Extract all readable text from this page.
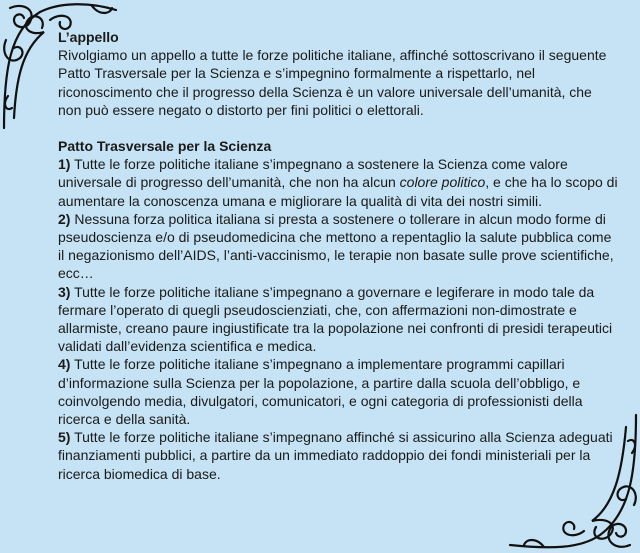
L’appello

Rivolgiamo un appello a tutte le forze politiche italiane, affinché sottoscrivano il seguente Patto Trasversale per la Scienza e s’impegnino formalmente a rispettarlo, nel riconoscimento che il progresso della Scienza è un valore universale dell’umanità, che non può essere negato o distorto per fini politici o elettorali.

Patto Trasversale per la Scienza

1) Tutte le forze politiche italiane s’impegnano a sostenere la Scienza come valore universale di progresso dell’umanità, che non ha alcun colore politico, e che ha lo scopo di aumentare la conoscenza umana e migliorare la qualità di vita dei nostri simili.

2) Nessuna forza politica italiana si presta a sostenere o tollerare in alcun modo forme di pseudoscienza e/o di pseudomedicina che mettono a repentaglio la salute pubblica come il negazionismo dell’AIDS, l’anti-vaccinismo, le terapie non basate sulle prove scientifiche, ecc…

3) Tutte le forze politiche italiane s’impegnano a governare e legiferare in modo tale da fermare l’operato di quegli pseudoscienziati, che, con affermazioni non-dimostrate e allarmiste, creano paure ingiustificate tra la popolazione nei confronti di presidi terapeutici validati dall’evidenza scientifica e medica.

4) Tutte le forze politiche italiane s’impegnano a implementare programmi capillari d’informazione sulla Scienza per la popolazione, a partire dalla scuola dell’obbligo, e coinvolgendo media, divulgatori, comunicatori, e ogni categoria di professionisti della ricerca e della sanità.

5) Tutte le forze politiche italiane s’impegnano affinché si assicurino alla Scienza adeguati finanziamenti pubblici, a partire da un immediato raddoppio dei fondi ministeriali per la ricerca biomedica di base.
